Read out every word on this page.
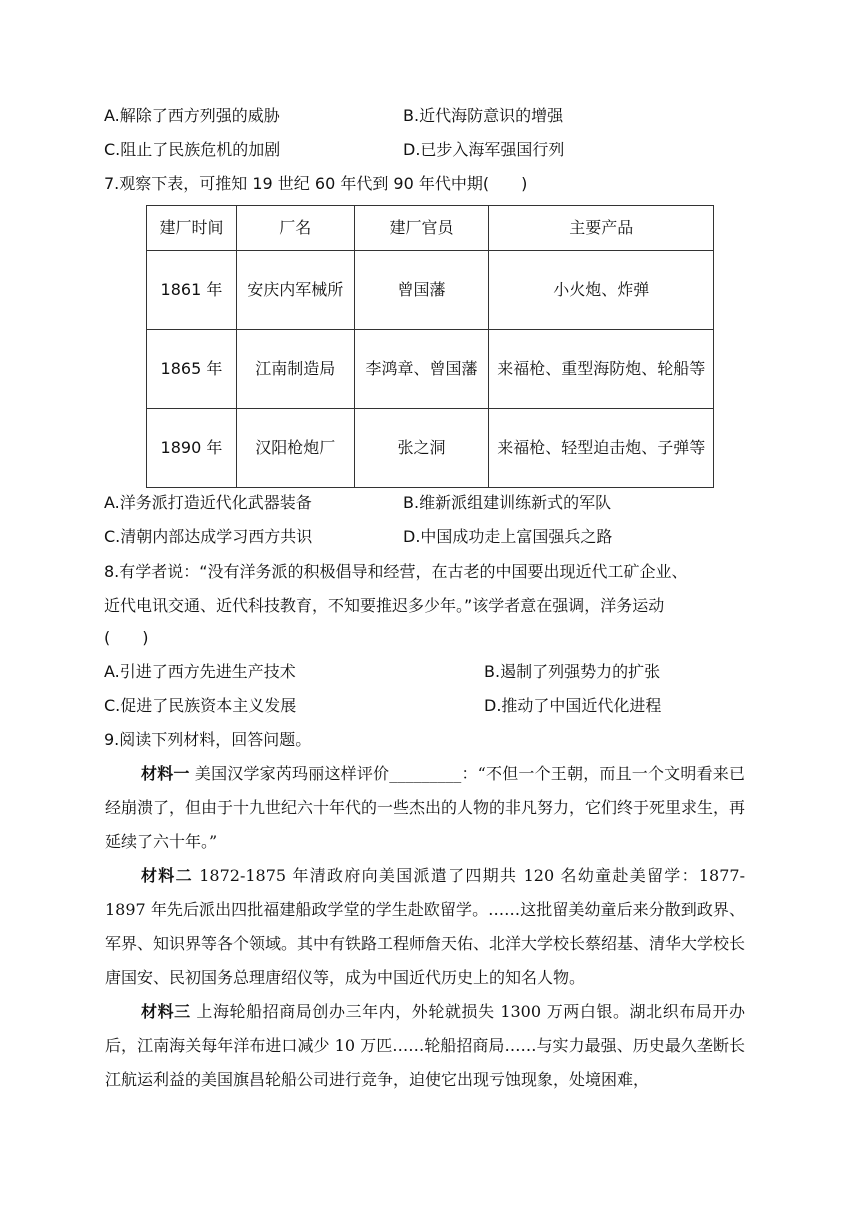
A.解除了西方列强的威胁	B.近代海防意识的增强
C.阻止了民族危机的加剧	D.已步入海军强国行列
7.观察下表，可推知 19 世纪 60 年代到 90 年代中期(　　)
建厂时间	厂名	建厂官员	主要产品
1861 年	安庆内军械所	曾国藩	小火炮、炸弹
1865 年	江南制造局	李鸿章、曾国藩	来福枪、重型海防炮、轮船等
1890 年	汉阳枪炮厂	张之洞	来福枪、轻型迫击炮、子弹等
A.洋务派打造近代化武器装备	B.维新派组建训练新式的军队
C.清朝内部达成学习西方共识	D.中国成功走上富国强兵之路
8.有学者说：“没有洋务派的积极倡导和经营，在古老的中国要出现近代工矿企业、
近代电讯交通、近代科技教育，不知要推迟多少年。”该学者意在强调，洋务运动
(　　)
A.引进了西方先进生产技术	B.遏制了列强势力的扩张
C.促进了民族资本主义发展	D.推动了中国近代化进程
9.阅读下列材料，回答问题。
材料一 美国汉学家芮玛丽这样评价_________：“不但一个王朝，而且一个文明看来已经崩溃了，但由于十九世纪六十年代的一些杰出的人物的非凡努力，它们终于死里求生，再延续了六十年。”
材料二 1872-1875 年清政府向美国派遣了四期共 120 名幼童赴美留学：1877-1897 年先后派出四批福建船政学堂的学生赴欧留学。……这批留美幼童后来分散到政界、军界、知识界等各个领域。其中有铁路工程师詹天佑、北洋大学校长蔡绍基、清华大学校长唐国安、民初国务总理唐绍仪等，成为中国近代历史上的知名人物。
材料三 上海轮船招商局创办三年内，外轮就损失 1300 万两白银。湖北织布局开办后，江南海关每年洋布进口减少 10 万匹……轮船招商局……与实力最强、历史最久垄断长江航运利益的美国旗昌轮船公司进行竞争，迫使它出现亏蚀现象，处境困难，
